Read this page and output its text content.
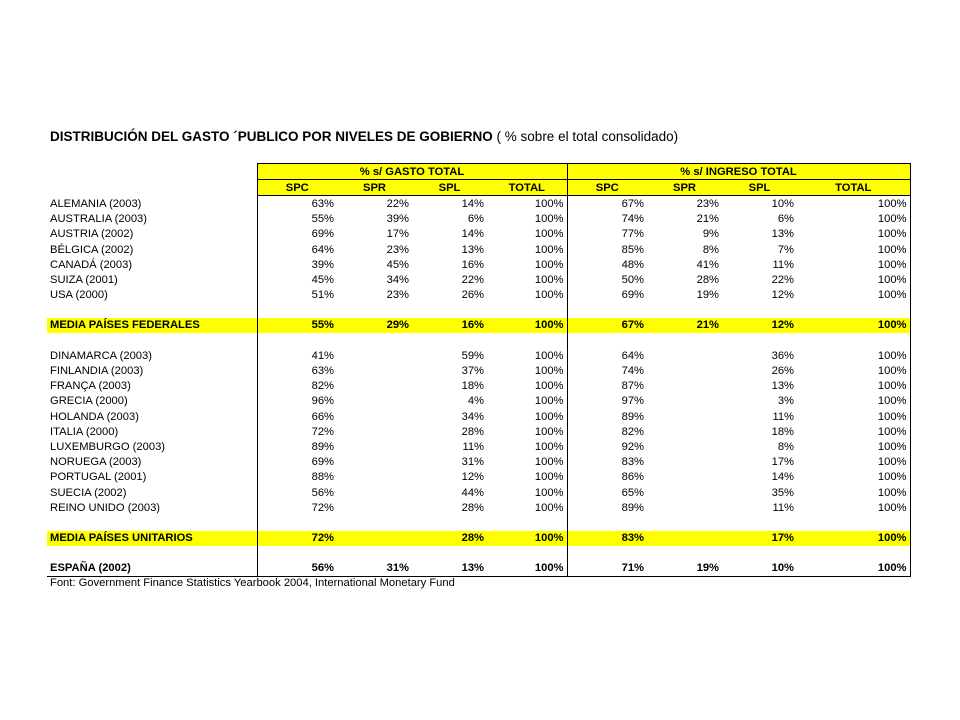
DISTRIBUCIÓN DEL GASTO ´PUBLICO POR NIVELES DE GOBIERNO ( % sobre el total consolidado)
	% s/ GASTO TOTAL				% s/ INGRESO TOTAL			
	SPC	SPR	SPL	TOTAL	SPC	SPR	SPL	TOTAL
ALEMANIA (2003)	63%	22%	14%	100%	67%	23%	10%	100%
AUSTRALIA (2003)	55%	39%	6%	100%	74%	21%	6%	100%
AUSTRIA (2002)	69%	17%	14%	100%	77%	9%	13%	100%
BÉLGICA (2002)	64%	23%	13%	100%	85%	8%	7%	100%
CANADÁ (2003)	39%	45%	16%	100%	48%	41%	11%	100%
SUIZA (2001)	45%	34%	22%	100%	50%	28%	22%	100%
USA (2000)	51%	23%	26%	100%	69%	19%	12%	100%

MEDIA PAÍSES FEDERALES	55%	29%	16%	100%	67%	21%	12%	100%

DINAMARCA (2003)	41%		59%	100%	64%		36%	100%
FINLANDIA (2003)	63%		37%	100%	74%		26%	100%
FRANÇA (2003)	82%		18%	100%	87%		13%	100%
GRECIA (2000)	96%		4%	100%	97%		3%	100%
HOLANDA (2003)	66%		34%	100%	89%		11%	100%
ITALIA (2000)	72%		28%	100%	82%		18%	100%
LUXEMBURGO (2003)	89%		11%	100%	92%		8%	100%
NORUEGA (2003)	69%		31%	100%	83%		17%	100%
PORTUGAL (2001)	88%		12%	100%	86%		14%	100%
SUECIA (2002)	56%		44%	100%	65%		35%	100%
REINO UNIDO (2003)	72%		28%	100%	89%		11%	100%

MEDIA PAÍSES UNITARIOS	72%		28%	100%	83%		17%	100%

ESPAÑA (2002)	56%	31%	13%	100%	71%	19%	10%	100%
Font: Government Finance Statistics Yearbook 2004, International Monetary Fund
